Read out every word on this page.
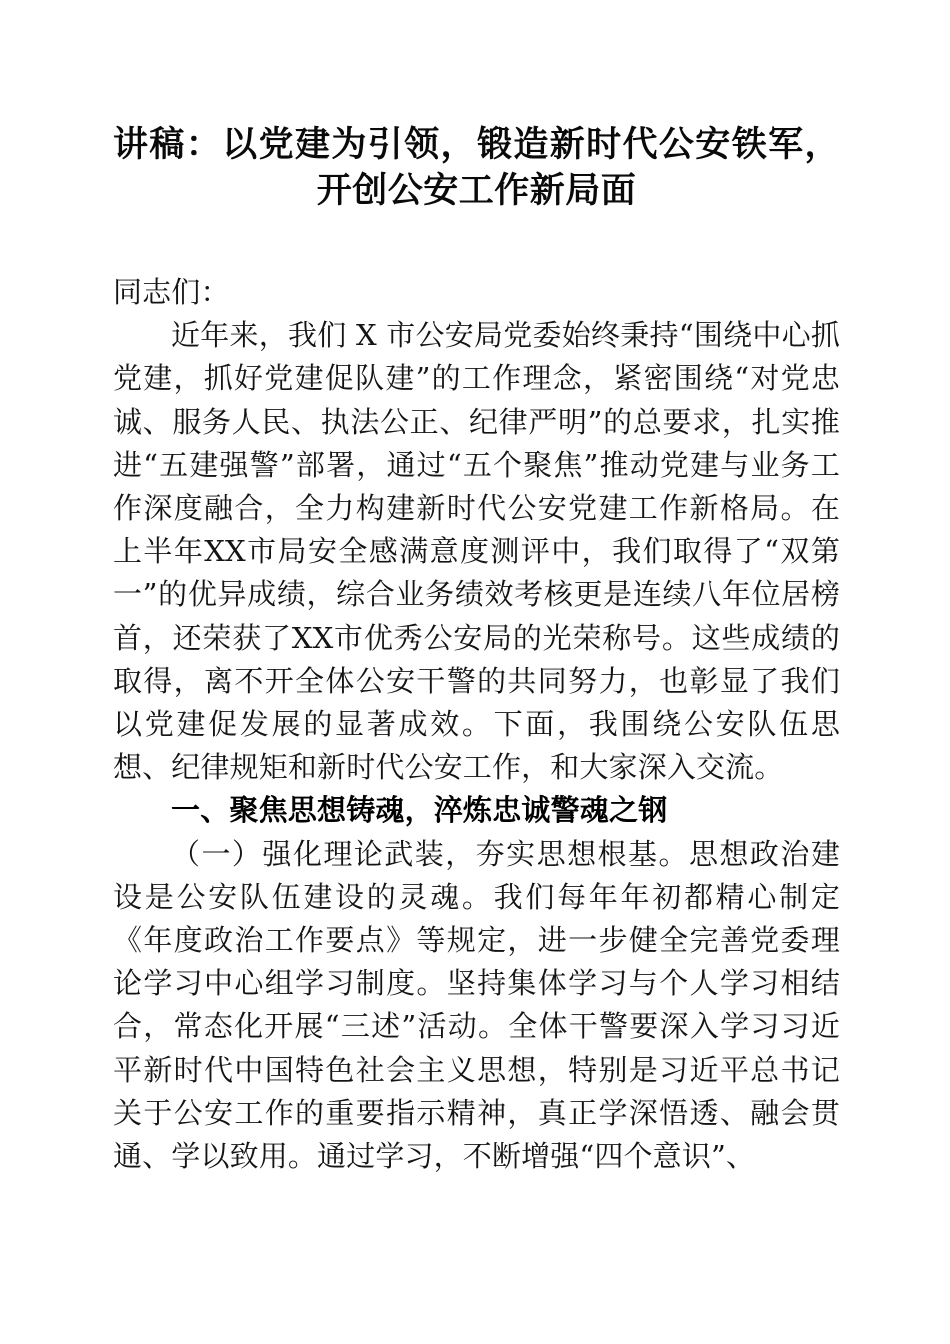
讲稿：以党建为引领，锻造新时代公安铁军，
开创公安工作新局面

同志们：

近年来，我们 X 市公安局党委始终秉持“围绕中心抓党建，抓好党建促队建”的工作理念，紧密围绕“对党忠诚、服务人民、执法公正、纪律严明”的总要求，扎实推进“五建强警”部署，通过“五个聚焦”推动党建与业务工作深度融合，全力构建新时代公安党建工作新格局。在上半年XX市局安全感满意度测评中，我们取得了“双第一”的优异成绩，综合业务绩效考核更是连续八年位居榜首，还荣获了XX市优秀公安局的光荣称号。这些成绩的取得，离不开全体公安干警的共同努力，也彰显了我们以党建促发展的显著成效。下面，我围绕公安队伍思想、纪律规矩和新时代公安工作，和大家深入交流。

一、聚焦思想铸魂，淬炼忠诚警魂之钢

（一）强化理论武装，夯实思想根基。思想政治建设是公安队伍建设的灵魂。我们每年年初都精心制定《年度政治工作要点》等规定，进一步健全完善党委理论学习中心组学习制度。坚持集体学习与个人学习相结合，常态化开展“三述”活动。全体干警要深入学习习近平新时代中国特色社会主义思想，特别是习近平总书记关于公安工作的重要指示精神，真正学深悟透、融会贯通、学以致用。通过学习，不断增强“四个意识”、
